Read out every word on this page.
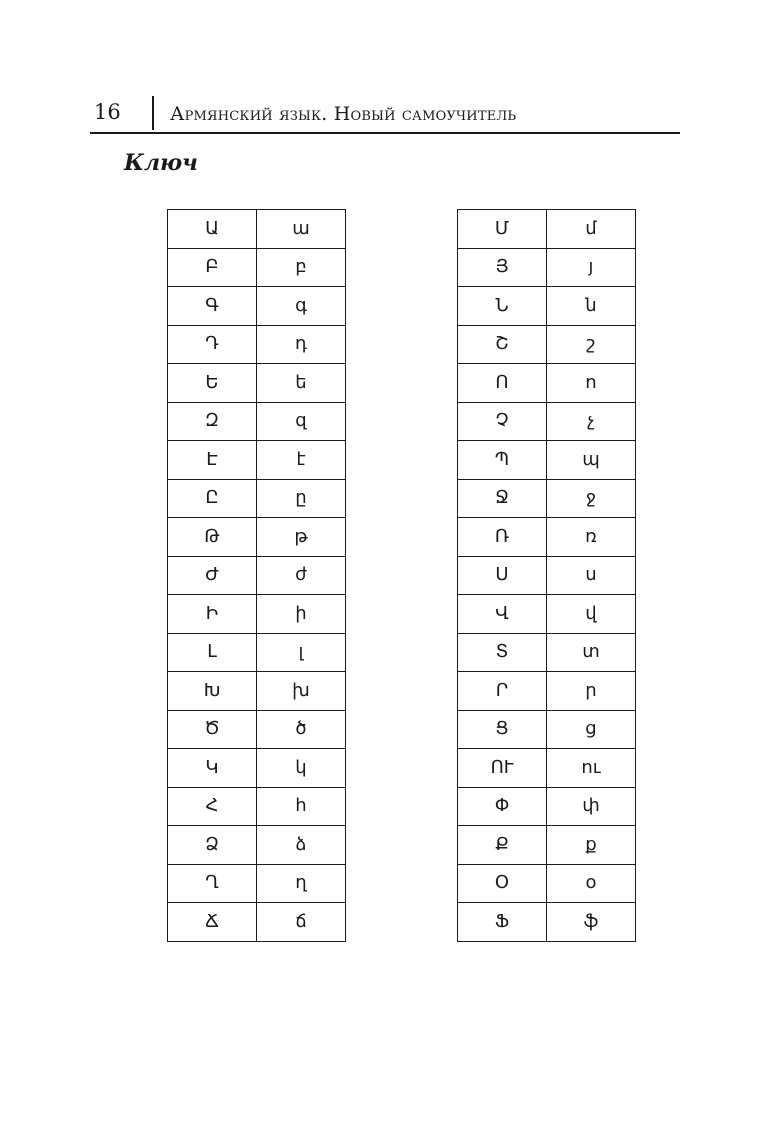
16	Армянский язык. Новый самоучитель
Ключ
Ա	ա
Բ	բ
Գ	գ
Դ	դ
Ե	ե
Զ	զ
Է	է
Ը	ը
Թ	թ
Ժ	ժ
Ի	ի
Լ	լ
Խ	խ
Ծ	ծ
Կ	կ
Հ	հ
Ձ	ձ
Ղ	ղ
Ճ	ճ
Մ	մ
Յ	յ
Ն	ն
Շ	շ
Ո	ո
Չ	չ
Պ	պ
Ջ	ջ
Ռ	ռ
Ս	ս
Վ	վ
Տ	տ
Ր	ր
Ց	ց
ՈՒ	ու
Փ	փ
Ք	ք
Օ	օ
Ֆ	ֆ
